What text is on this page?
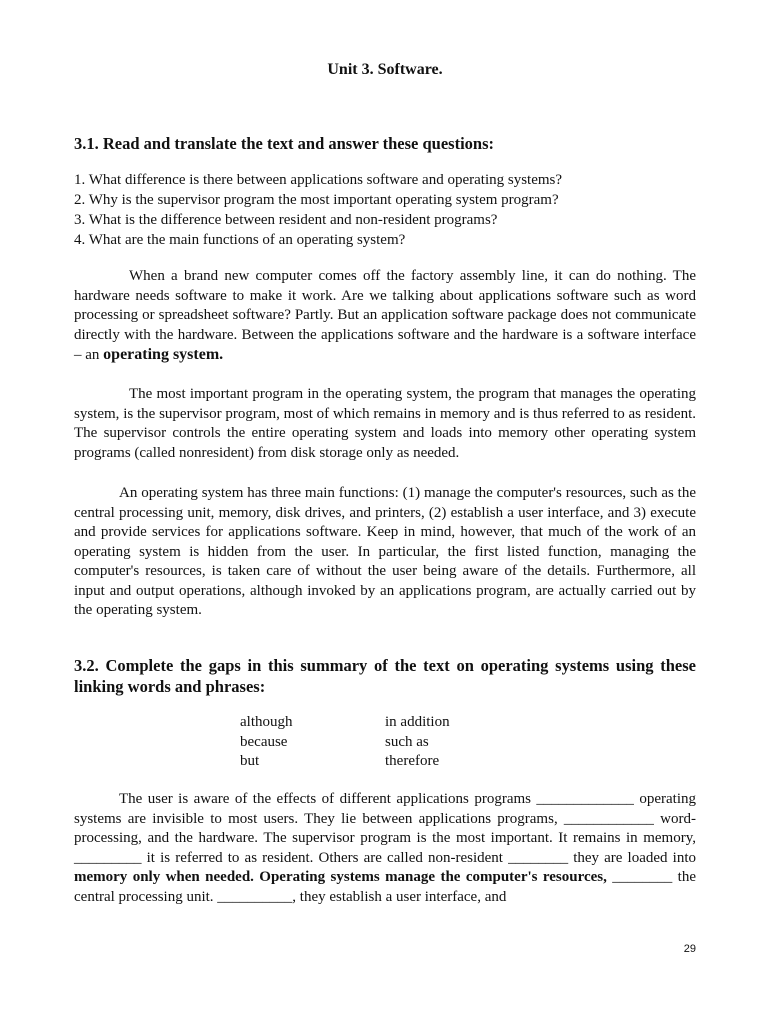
Unit 3. Software.
3.1. Read and translate the text and answer these questions:
1. What difference is there between applications software and operating systems?
2. Why is the supervisor program the most important operating system program?
3. What is the difference between resident and non-resident programs?
4. What are the main functions of an operating system?

When a brand new computer comes off the factory assembly line, it can do nothing. The hardware needs software to make it work. Are we talking about applications software such as word processing or spreadsheet software? Partly. But an application software package does not communicate directly with the hardware. Between the applications software and the hardware is a software interface – an operating system.

The most important program in the operating system, the program that manages the operating system, is the supervisor program, most of which remains in memory and is thus referred to as resident. The supervisor controls the entire operating system and loads into memory other operating system programs (called nonresident) from disk storage only as needed.

An operating system has three main functions: (1) manage the computer's resources, such as the central processing unit, memory, disk drives, and printers, (2) establish a user interface, and 3) execute and provide services for applications software. Keep in mind, however, that much of the work of an operating system is hidden from the user. In particular, the first listed function, managing the computer's resources, is taken care of without the user being aware of the details. Furthermore, all input and output operations, although invoked by an applications program, are actually carried out by the operating system.

3.2. Complete the gaps in this summary of the text on operating systems using these linking words and phrases:
although	in addition
because	such as
but	therefore

The user is aware of the effects of different applications programs _____________ operating systems are invisible to most users. They lie between applications programs, ____________ word-processing, and the hardware. The supervisor program is the most important. It remains in memory, _________ it is referred to as resident. Others are called non-resident ________ they are loaded into memory only when needed. Operating systems manage the computer's resources, ________ the central processing unit. __________, they establish a user interface, and

29
